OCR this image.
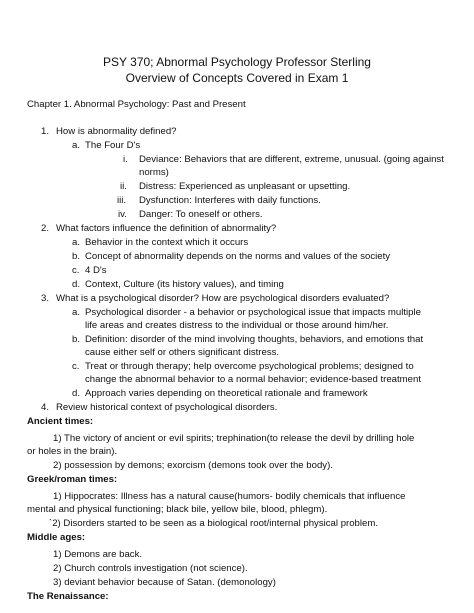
PSY 370; Abnormal Psychology Professor Sterling
Overview of Concepts Covered in Exam 1
Chapter 1. Abnormal Psychology: Past and Present
1. How is abnormality defined?
a. The Four D's
i. Deviance: Behaviors that are different, extreme, unusual. (going against
norms)
ii. Distress: Experienced as unpleasant or upsetting.
iii. Dysfunction: Interferes with daily functions.
iv. Danger: To oneself or others.
2. What factors influence the definition of abnormality?
a. Behavior in the context which it occurs
b. Concept of abnormality depends on the norms and values of the society
c. 4 D's
d. Context, Culture (its history values), and timing
3. What is a psychological disorder? How are psychological disorders evaluated?
a. Psychological disorder - a behavior or psychological issue that impacts multiple
life areas and creates distress to the individual or those around him/her.
b. Definition: disorder of the mind involving thoughts, behaviors, and emotions that
cause either self or others significant distress.
c. Treat or through therapy; help overcome psychological problems; designed to
change the abnormal behavior to a normal behavior; evidence-based treatment
d. Approach varies depending on theoretical rationale and framework
4. Review historical context of psychological disorders.
Ancient times:
1) The victory of ancient or evil spirits; trephination(to release the devil by drilling hole
or holes in the brain).
2) possession by demons; exorcism (demons took over the body).
Greek/roman times:
1) Hippocrates: Illness has a natural cause(humors- bodily chemicals that influence
mental and physical functioning; black bile, yellow bile, blood, phlegm).
`2) Disorders started to be seen as a biological root/internal physical problem.
Middle ages:
1) Demons are back.
2) Church controls investigation (not science).
3) deviant behavior because of Satan. (demonology)
The Renaissance:
